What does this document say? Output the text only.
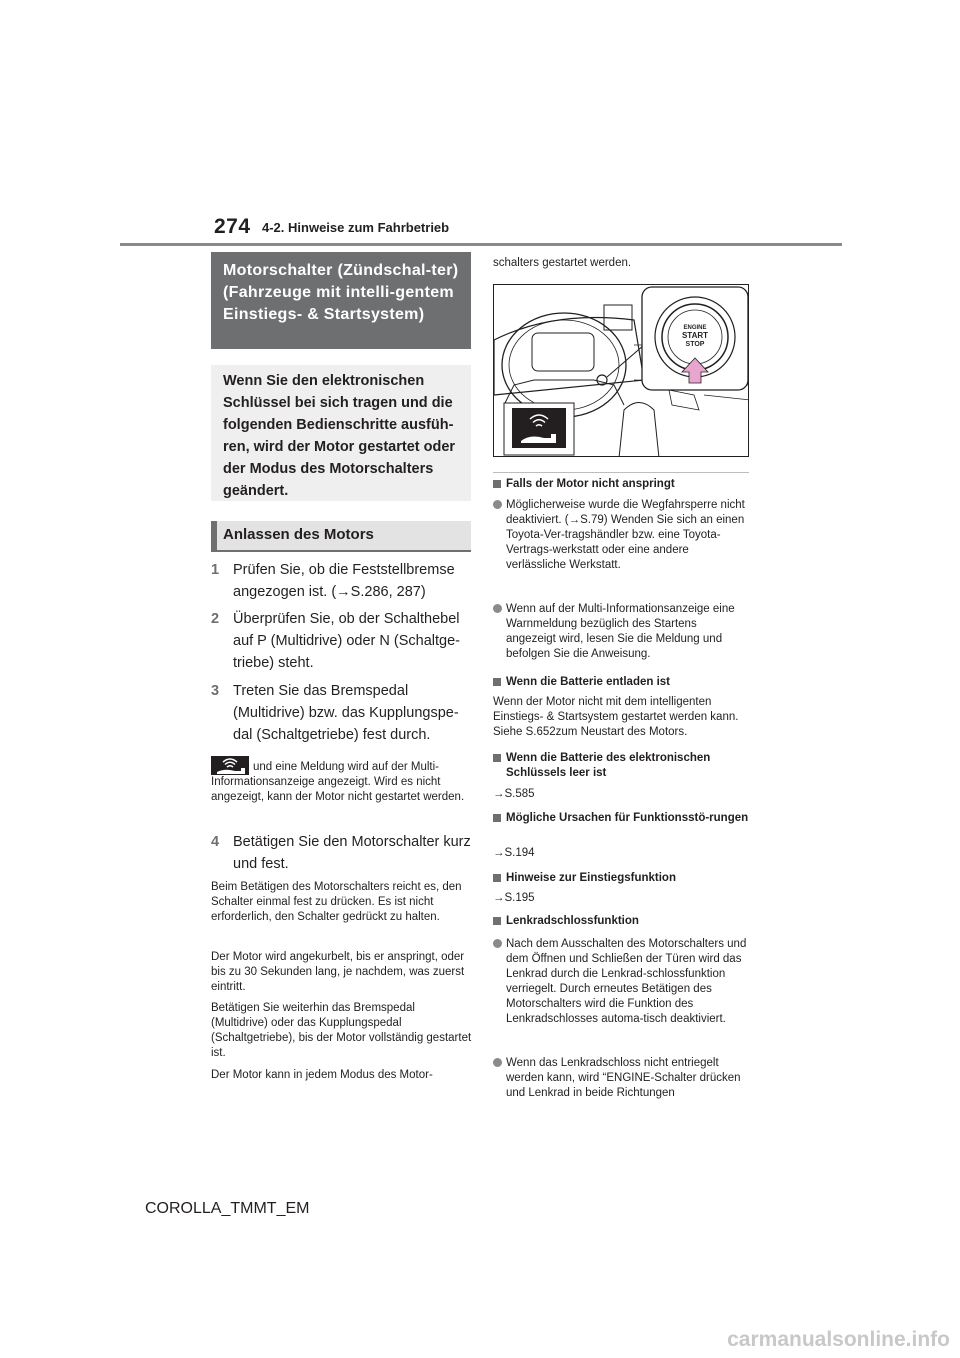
274 4-2. Hinweise zum Fahrbetrieb
Motorschalter (Zündschal-ter) (Fahrzeuge mit intelli-gentem Einstiegs- & Startsystem)
Wenn Sie den elektronischen Schlüssel bei sich tragen und die folgenden Bedienschritte ausfüh-ren, wird der Motor gestartet oder der Modus des Motorschalters geändert.
Anlassen des Motors
1 Prüfen Sie, ob die Feststellbremse angezogen ist. (→S.286, 287)
2 Überprüfen Sie, ob der Schalthebel auf P (Multidrive) oder N (Schaltge-triebe) steht.
3 Treten Sie das Bremspedal (Multidrive) bzw. das Kupplungspe-dal (Schaltgetriebe) fest durch.
und eine Meldung wird auf der Multi-Informationsanzeige angezeigt. Wird es nicht angezeigt, kann der Motor nicht gestartet werden.
4 Betätigen Sie den Motorschalter kurz und fest.
Beim Betätigen des Motorschalters reicht es, den Schalter einmal fest zu drücken. Es ist nicht erforderlich, den Schalter gedrückt zu halten.
Der Motor wird angekurbelt, bis er anspringt, oder bis zu 30 Sekunden lang, je nachdem, was zuerst eintritt.
Betätigen Sie weiterhin das Bremspedal (Multidrive) oder das Kupplungspedal (Schaltgetriebe), bis der Motor vollständig gestartet ist.
Der Motor kann in jedem Modus des Motor-
schalters gestartet werden.
ENGINE
START
STOP
Falls der Motor nicht anspringt
Möglicherweise wurde die Wegfahrsperre nicht deaktiviert. (→S.79) Wenden Sie sich an einen Toyota-Ver-tragshändler bzw. eine Toyota-Vertrags-werkstatt oder eine andere verlässliche Werkstatt.
Wenn auf der Multi-Informationsanzeige eine Warnmeldung bezüglich des Startens angezeigt wird, lesen Sie die Meldung und befolgen Sie die Anweisung.
Wenn die Batterie entladen ist
Wenn der Motor nicht mit dem intelligenten Einstiegs- & Startsystem gestartet werden kann. Siehe S.652zum Neustart des Motors.
Wenn die Batterie des elektronischen Schlüssels leer ist
→S.585
Mögliche Ursachen für Funktionsstö-rungen
→S.194
Hinweise zur Einstiegsfunktion
→S.195
Lenkradschlossfunktion
Nach dem Ausschalten des Motorschalters und dem Öffnen und Schließen der Türen wird das Lenkrad durch die Lenkrad-schlossfunktion verriegelt. Durch erneutes Betätigen des Motorschalters wird die Funktion des Lenkradschlosses automa-tisch deaktiviert.
Wenn das Lenkradschloss nicht entriegelt werden kann, wird “ENGINE-Schalter drücken und Lenkrad in beide Richtungen
COROLLA_TMMT_EM
carmanualsonline.info
